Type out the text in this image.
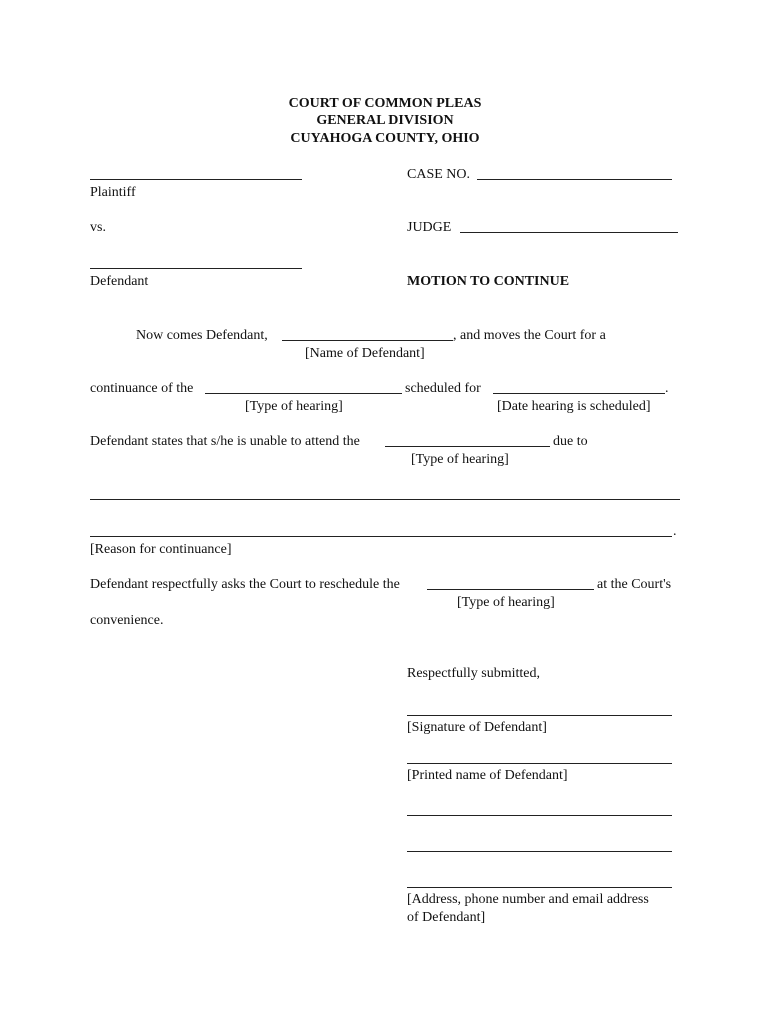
COURT OF COMMON PLEAS
GENERAL DIVISION
CUYAHOGA COUNTY, OHIO
Plaintiff
vs.
Defendant
CASE NO.
JUDGE
MOTION TO CONTINUE
Now comes Defendant,	, and moves the Court for a
[Name of Defendant]
continuance of the	scheduled for	.
[Type of hearing]	[Date hearing is scheduled]
Defendant states that s/he is unable to attend the	due to
[Type of hearing]
.
[Reason for continuance]
Defendant respectfully asks the Court to reschedule the	at the Court's
[Type of hearing]
convenience.
Respectfully submitted,
[Signature of Defendant]
[Printed name of Defendant]
[Address, phone number and email address
of Defendant]
